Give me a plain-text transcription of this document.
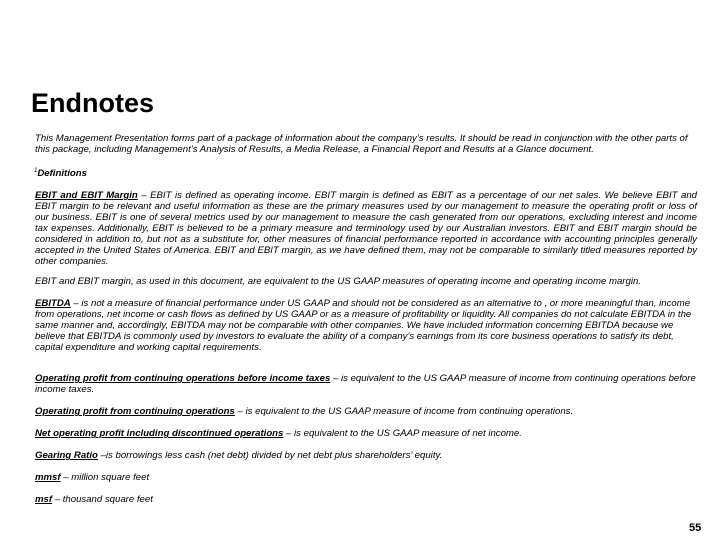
Endnotes

This Management Presentation forms part of a package of information about the company’s results. It should be read in conjunction with the other parts of this package, including Management’s Analysis of Results, a Media Release, a Financial Report and Results at a Glance document.

$^1$Definitions

EBIT and EBIT Margin – EBIT is defined as operating income. EBIT margin is defined as EBIT as a percentage of our net sales. We believe EBIT and EBIT margin to be relevant and useful information as these are the primary measures used by our management to measure the operating profit or loss of our business. EBIT is one of several metrics used by our management to measure the cash generated from our operations, excluding interest and income tax expenses. Additionally, EBIT is believed to be a primary measure and terminology used by our Australian investors. EBIT and EBIT margin should be considered in addition to, but not as a substitute for, other measures of financial performance reported in accordance with accounting principles generally accepted in the United States of America. EBIT and EBIT margin, as we have defined them, may not be comparable to similarly titled measures reported by other companies.

EBIT and EBIT margin, as used in this document, are equivalent to the US GAAP measures of operating income and operating income margin.

EBITDA – is not a measure of financial performance under US GAAP and should not be considered as an alternative to , or more meaningful than, income from operations, net income or cash flows as defined by US GAAP or as a measure of profitability or liquidity. All companies do not calculate EBITDA in the same manner and, accordingly, EBITDA may not be comparable with other companies. We have included information concerning EBITDA because we believe that EBITDA is commonly used by investors to evaluate the ability of a company’s earnings from its core business operations to satisfy its debt, capital expenditure and working capital requirements.

Operating profit from continuing operations before income taxes – is equivalent to the US GAAP measure of income from continuing operations before income taxes.

Operating profit from continuing operations – is equivalent to the US GAAP measure of income from continuing operations.

Net operating profit including discontinued operations – is equivalent to the US GAAP measure of net income.

Gearing Ratio –is borrowings less cash (net debt) divided by net debt plus shareholders’ equity.

mmsf – million square feet

msf – thousand square feet

55
